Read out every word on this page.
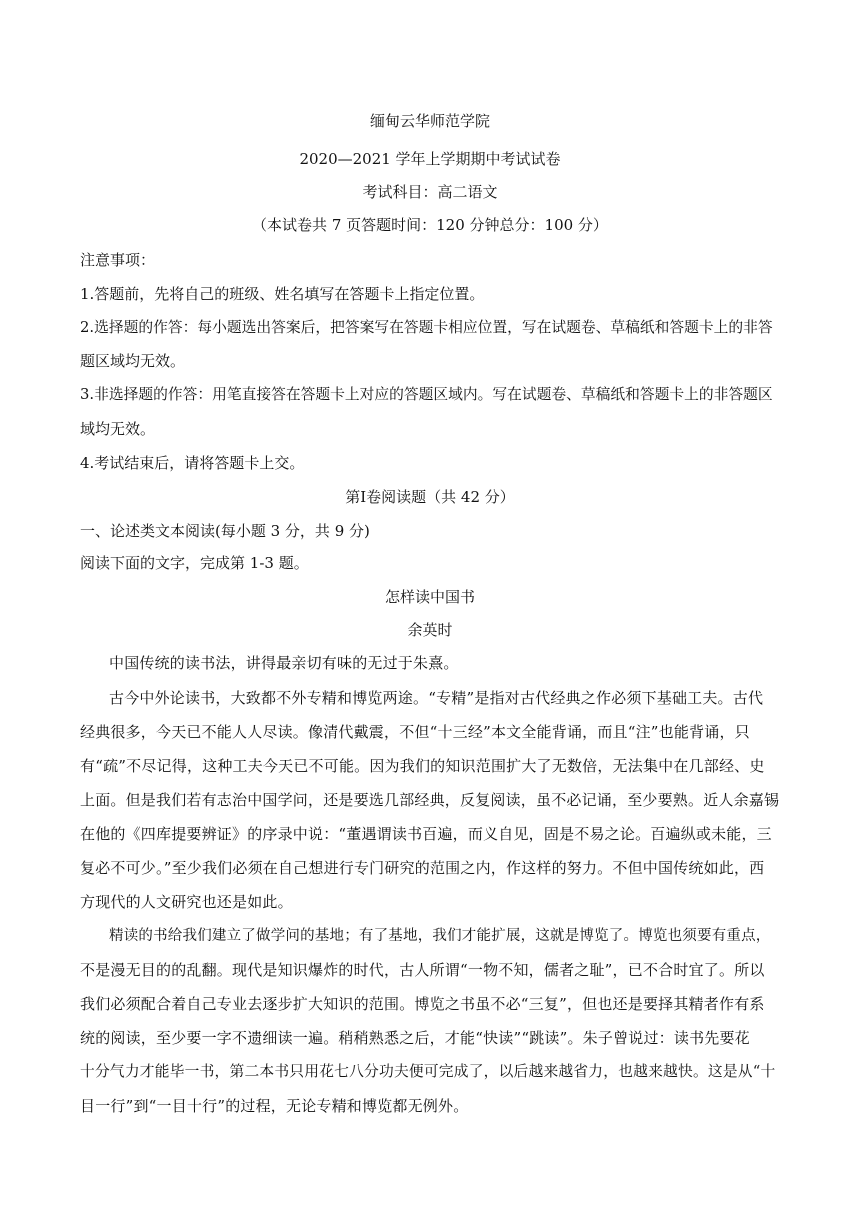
缅甸云华师范学院
2020—2021 学年上学期期中考试试卷
考试科目：高二语文
（本试卷共 7 页答题时间：120 分钟总分：100 分）
注意事项：
1.答题前，先将自己的班级、姓名填写在答题卡上指定位置。
2.选择题的作答：每小题选出答案后，把答案写在答题卡相应位置，写在试题卷、草稿纸和答题卡上的非答
题区域均无效。
3.非选择题的作答：用笔直接答在答题卡上对应的答题区域内。写在试题卷、草稿纸和答题卡上的非答题区
域均无效。
4.考试结束后，请将答题卡上交。
第Ⅰ卷阅读题（共 42 分）
一、论述类文本阅读(每小题 3 分，共 9 分)
阅读下面的文字，完成第 1-3 题。
怎样读中国书
余英时
中国传统的读书法，讲得最亲切有味的无过于朱熹。
古今中外论读书，大致都不外专精和博览两途。“专精”是指对古代经典之作必须下基础工夫。古代
经典很多，今天已不能人人尽读。像清代戴震，不但“十三经”本文全能背诵，而且“注”也能背诵，只
有“疏”不尽记得，这种工夫今天已不可能。因为我们的知识范围扩大了无数倍，无法集中在几部经、史
上面。但是我们若有志治中国学问，还是要选几部经典，反复阅读，虽不必记诵，至少要熟。近人余嘉锡
在他的《四库提要辨证》的序录中说：“董遇谓读书百遍，而义自见，固是不易之论。百遍纵或未能，三
复必不可少。”至少我们必须在自己想进行专门研究的范围之内，作这样的努力。不但中国传统如此，西
方现代的人文研究也还是如此。
精读的书给我们建立了做学问的基地；有了基地，我们才能扩展，这就是博览了。博览也须要有重点，
不是漫无目的的乱翻。现代是知识爆炸的时代，古人所谓“一物不知，儒者之耻”，已不合时宜了。所以
我们必须配合着自己专业去逐步扩大知识的范围。博览之书虽不必“三复”，但也还是要择其精者作有系
统的阅读，至少要一字不遗细读一遍。稍稍熟悉之后，才能“快读”“跳读”。朱子曾说过：读书先要花
十分气力才能毕一书，第二本书只用花七八分功夫便可完成了，以后越来越省力，也越来越快。这是从“十
目一行”到“一目十行”的过程，无论专精和博览都无例外。
